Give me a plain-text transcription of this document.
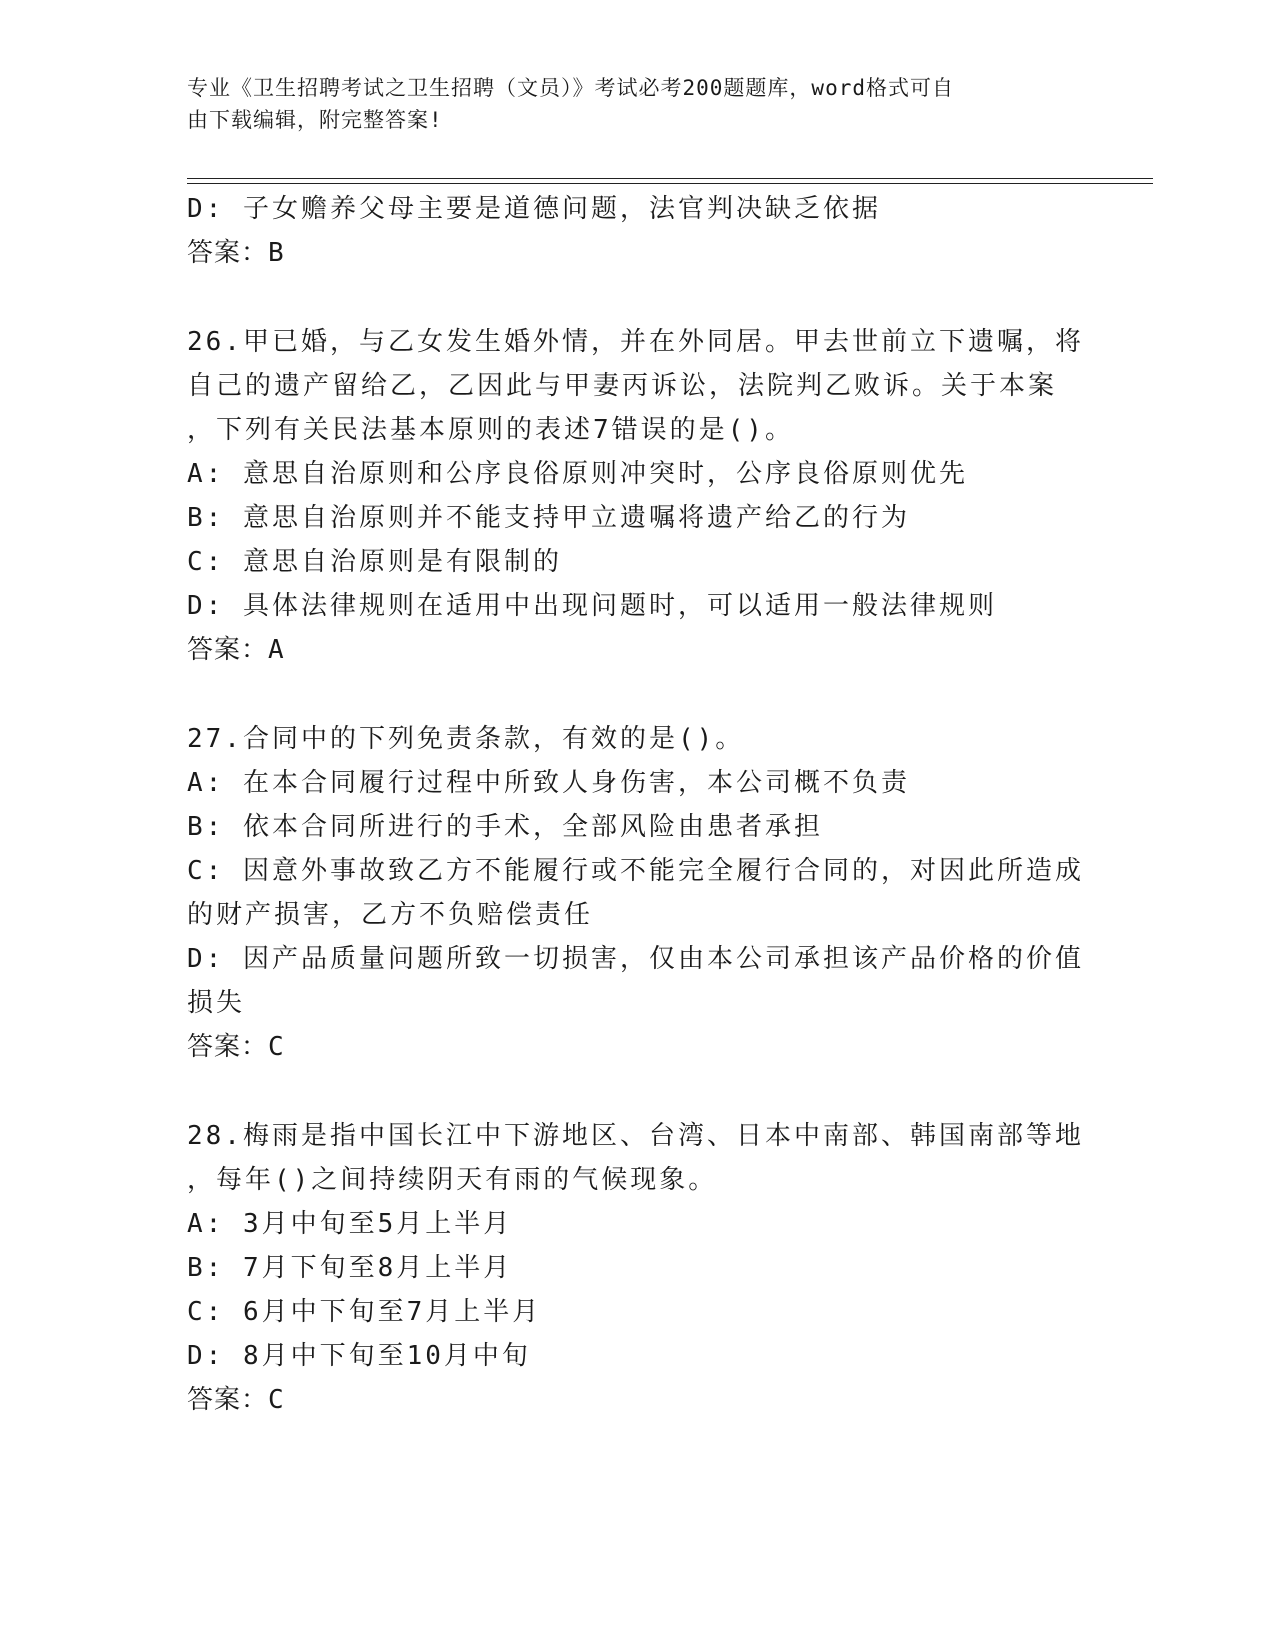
专业《卫生招聘考试之卫生招聘（文员）》考试必考200题题库，word格式可自
由下载编辑，附完整答案!
D: 子女赡养父母主要是道德问题，法官判决缺乏依据
答案：B
26.甲已婚，与乙女发生婚外情，并在外同居。甲去世前立下遗嘱，将
自己的遗产留给乙，乙因此与甲妻丙诉讼，法院判乙败诉。关于本案
，下列有关民法基本原则的表述7错误的是()。
A: 意思自治原则和公序良俗原则冲突时，公序良俗原则优先
B: 意思自治原则并不能支持甲立遗嘱将遗产给乙的行为
C: 意思自治原则是有限制的
D: 具体法律规则在适用中出现问题时，可以适用一般法律规则
答案：A
27.合同中的下列免责条款，有效的是()。
A: 在本合同履行过程中所致人身伤害，本公司概不负责
B: 依本合同所进行的手术，全部风险由患者承担
C: 因意外事故致乙方不能履行或不能完全履行合同的，对因此所造成
的财产损害，乙方不负赔偿责任
D: 因产品质量问题所致一切损害，仅由本公司承担该产品价格的价值
损失
答案：C
28.梅雨是指中国长江中下游地区、台湾、日本中南部、韩国南部等地
，每年()之间持续阴天有雨的气候现象。
A: 3月中旬至5月上半月
B: 7月下旬至8月上半月
C: 6月中下旬至7月上半月
D: 8月中下旬至10月中旬
答案：C
